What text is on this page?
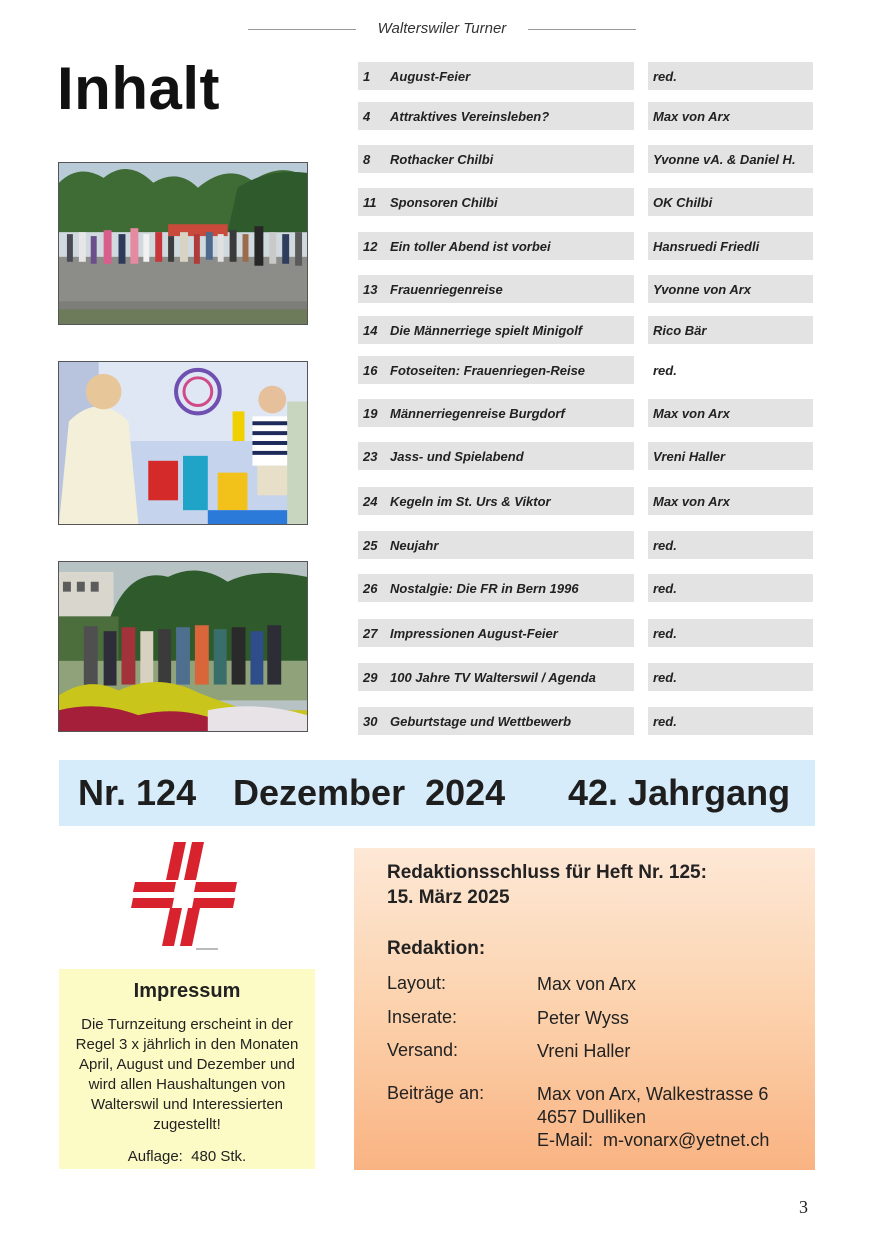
Walterswiler Turner
Inhalt	1	August-Feier	red.
4	Attraktives Vereinsleben?	Max von Arx
8	Rothacker Chilbi	Yvonne vA. & Daniel H.
11	Sponsoren Chilbi	OK Chilbi
12 Ein toller Abend ist vorbei	Hansruedi Friedli
13 Frauenriegenreise	Yvonne von Arx
14 Die Männerriege spielt Minigolf	Rico Bär
16 Fotoseiten: Frauenriegen-Reise	red.
19 Männerriegenreise Burgdorf	Max von Arx
23 Jass- und Spielabend	Vreni Haller
24 Kegeln im St. Urs & Viktor	Max von Arx
25 Neujahr	red.
26 Nostalgie: Die FR in Bern 1996	red.
27 Impressionen August-Feier	red.
29 100 Jahre TV Walterswil / Agenda	red.
30 Geburtstage und Wettbewerb	red.
Nr. 124 Dezember  2024 42. Jahrgang
Impressum
Die Turnzeitung erscheint in der Regel 3 x jährlich in den Monaten April, August und Dezember und wird allen Haushaltungen von Walterswil und Interessierten zugestellt!
Auflage:  480 Stk.
Redaktionsschluss für Heft Nr. 125:
15. März 2025
Redaktion:
Layout:	Max von Arx
Inserate:	Peter Wyss
Versand:	Vreni Haller
Beiträge an:	Max von Arx, Walkestrasse 6
4657 Dulliken
E-Mail:  m-vonarx@yetnet.ch
3
